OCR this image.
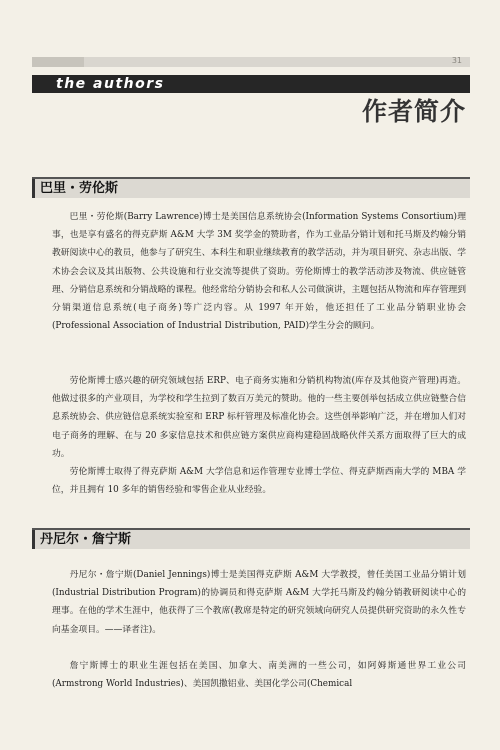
31
the authors
作者简介
巴里・劳伦斯

巴里・劳伦斯(Barry Lawrence)博士是美国信息系统协会(Information Systems Consortium)理事，也是享有盛名的得克萨斯 A&M 大学 3M 奖学金的赞助者，作为工业品分销计划和托马斯及约翰分销教研阅读中心的教员，他参与了研究生、本科生和职业继续教育的教学活动，并为项目研究、杂志出版、学术协会会议及其出版物、公共设施和行业交流等提供了资助。劳伦斯博士的教学活动涉及物流、供应链管理、分销信息系统和分销战略的课程。他经常给分销协会和私人公司做演讲，主题包括从物流和库存管理到分销渠道信息系统(电子商务)等广泛内容。从 1997 年开始，他还担任了工业品分销职业协会(Professional Association of Industrial Distribution, PAID)学生分会的顾问。

劳伦斯博士感兴趣的研究领域包括 ERP、电子商务实施和分销机构物流(库存及其他资产管理)再造。他做过很多的产业项目，为学校和学生拉到了数百万美元的赞助。他的一些主要创举包括成立供应链整合信息系统协会、供应链信息系统实验室和 ERP 标杆管理及标准化协会。这些创举影响广泛，并在增加人们对电子商务的理解、在与 20 多家信息技术和供应链方案供应商构建稳固战略伙伴关系方面取得了巨大的成功。

劳伦斯博士取得了得克萨斯 A&M 大学信息和运作管理专业博士学位、得克萨斯西南大学的 MBA 学位，并且拥有 10 多年的销售经验和零售企业从业经验。

丹尼尔・詹宁斯

丹尼尔・詹宁斯(Daniel Jennings)博士是美国得克萨斯 A&M 大学教授，曾任美国工业品分销计划(Industrial Distribution Program)的协调员和得克萨斯 A&M 大学托马斯及约翰分销教研阅读中心的理事。在他的学术生涯中，他获得了三个教席(教席是特定的研究领域向研究人员提供研究资助的永久性专向基金项目。——译者注)。

詹宁斯博士的职业生涯包括在美国、加拿大、南美洲的一些公司，如阿姆斯通世界工业公司(Armstrong World Industries)、美国凯撒铝业、美国化学公司(Chemical
